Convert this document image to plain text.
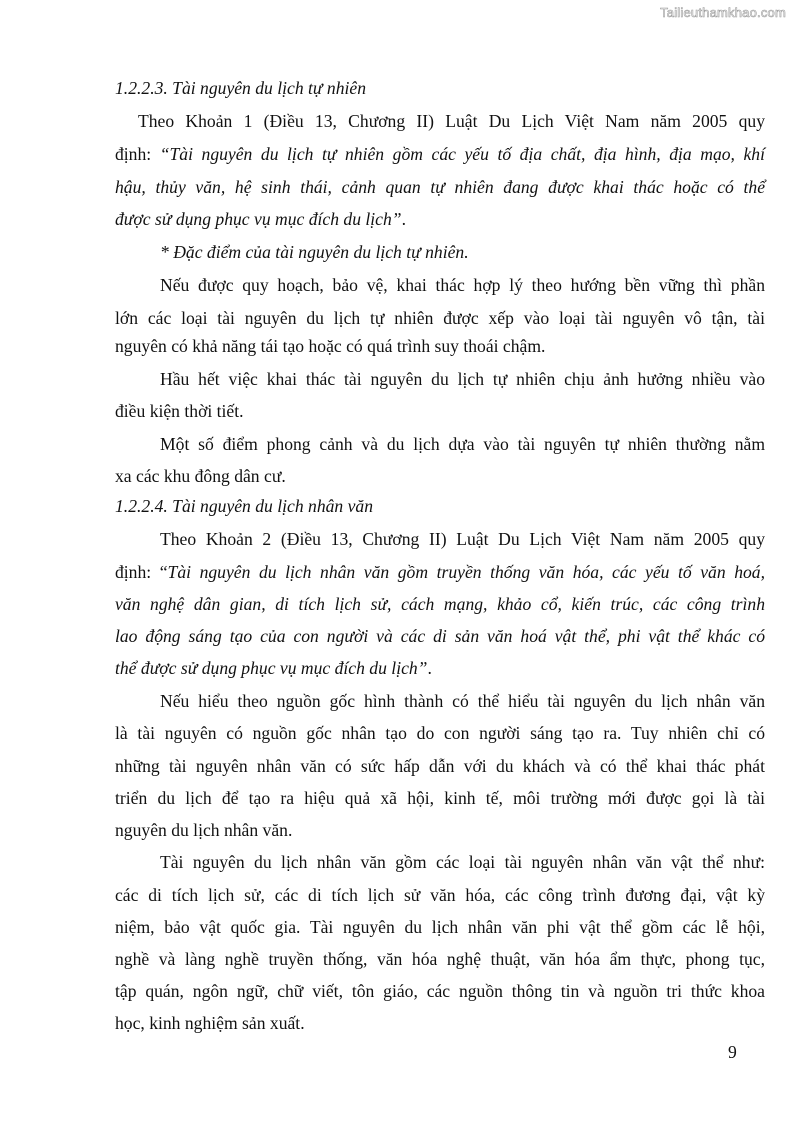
Tailieuthamkhao.com
1.2.2.3. Tài nguyên du lịch tự nhiên
Theo Khoản 1 (Điều 13, Chương II) Luật Du Lịch Việt Nam năm 2005 quy
định: “Tài nguyên du lịch tự nhiên gồm các yếu tố địa chất, địa hình, địa mạo, khí
hậu, thủy văn, hệ sinh thái, cảnh quan tự nhiên đang được khai thác hoặc có thể
được sử dụng phục vụ mục đích du lịch”.
* Đặc điểm của tài nguyên du lịch tự nhiên.
Nếu được quy hoạch, bảo vệ, khai thác hợp lý theo hướng bền vững thì phần
lớn các loại tài nguyên du lịch tự nhiên được xếp vào loại tài nguyên vô tận, tài
nguyên có khả năng tái tạo hoặc có quá trình suy thoái chậm.
Hầu hết việc khai thác tài nguyên du lịch tự nhiên chịu ảnh hưởng nhiều vào
điều kiện thời tiết.
Một số điểm phong cảnh và du lịch dựa vào tài nguyên tự nhiên thường nằm
xa các khu đông dân cư.
1.2.2.4. Tài nguyên du lịch nhân văn
Theo Khoản 2 (Điều 13, Chương II) Luật Du Lịch Việt Nam năm 2005 quy
định: “Tài nguyên du lịch nhân văn gồm truyền thống văn hóa, các yếu tố văn hoá,
văn nghệ dân gian, di tích lịch sử, cách mạng, khảo cổ, kiến trúc, các công trình
lao động sáng tạo của con người và các di sản văn hoá vật thể, phi vật thể khác có
thể được sử dụng phục vụ mục đích du lịch”.
Nếu hiểu theo nguồn gốc hình thành có thể hiểu tài nguyên du lịch nhân văn
là tài nguyên có nguồn gốc nhân tạo do con người sáng tạo ra. Tuy nhiên chỉ có
những tài nguyên nhân văn có sức hấp dẫn với du khách và có thể khai thác phát
triển du lịch để tạo ra hiệu quả xã hội, kinh tế, môi trường mới được gọi là tài
nguyên du lịch nhân văn.
Tài nguyên du lịch nhân văn gồm các loại tài nguyên nhân văn vật thể như:
các di tích lịch sử, các di tích lịch sử văn hóa, các công trình đương đại, vật kỳ
niệm, bảo vật quốc gia. Tài nguyên du lịch nhân văn phi vật thể gồm các lễ hội,
nghề và làng nghề truyền thống, văn hóa nghệ thuật, văn hóa ẩm thực, phong tục,
tập quán, ngôn ngữ, chữ viết, tôn giáo, các nguồn thông tin và nguồn tri thức khoa
học, kinh nghiệm sản xuất.
9
